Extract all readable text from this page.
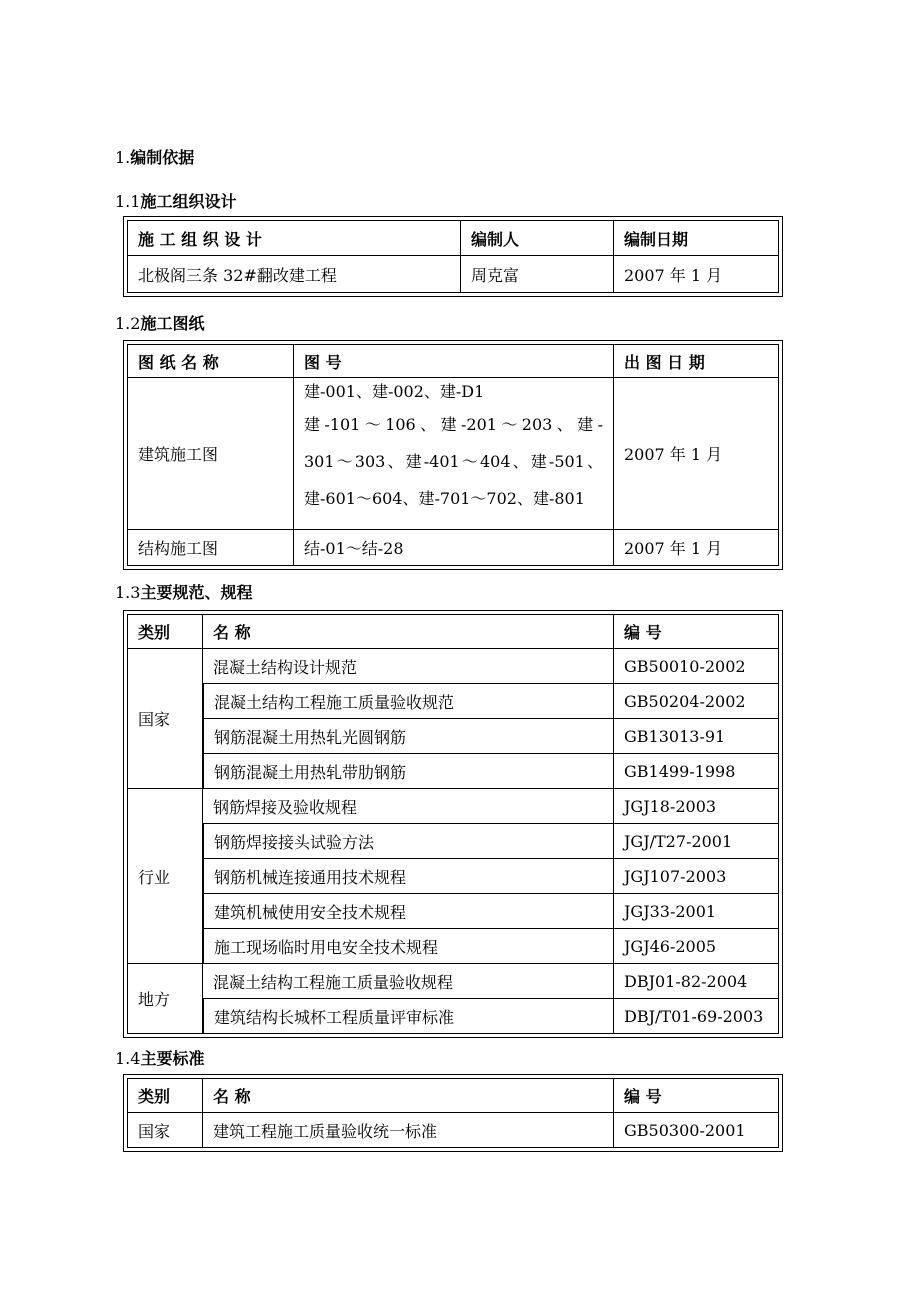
1.编制依据
1.1施工组织设计
1.2施工图纸
1.3主要规范、规程
1.4主要标准
施 工 组 织 设 计	编制人	编制日期
北极阁三条 32#翻改建工程	周克富	2007 年 1 月
图 纸 名 称	图 号	出 图 日 期
建筑施工图	建-001、建-002、建-D1
建-101～106、建-201～203、建-
301～303、建-401～404、建-501、
建-601～604、建-701～702、建-801	2007 年 1 月
结构施工图	结-01～结-28	2007 年 1 月
类别	名 称	编 号
国家	混凝土结构设计规范	GB50010-2002
	混凝土结构工程施工质量验收规范	GB50204-2002
	钢筋混凝土用热轧光圆钢筋	GB13013-91
	钢筋混凝土用热轧带肋钢筋	GB1499-1998
行业	钢筋焊接及验收规程	JGJ18-2003
	钢筋焊接接头试验方法	JGJ/T27-2001
	钢筋机械连接通用技术规程	JGJ107-2003
	建筑机械使用安全技术规程	JGJ33-2001
	施工现场临时用电安全技术规程	JGJ46-2005
地方	混凝土结构工程施工质量验收规程	DBJ01-82-2004
	建筑结构长城杯工程质量评审标准	DBJ/T01-69-2003
类别	名 称	编 号
国家	建筑工程施工质量验收统一标准	GB50300-2001
